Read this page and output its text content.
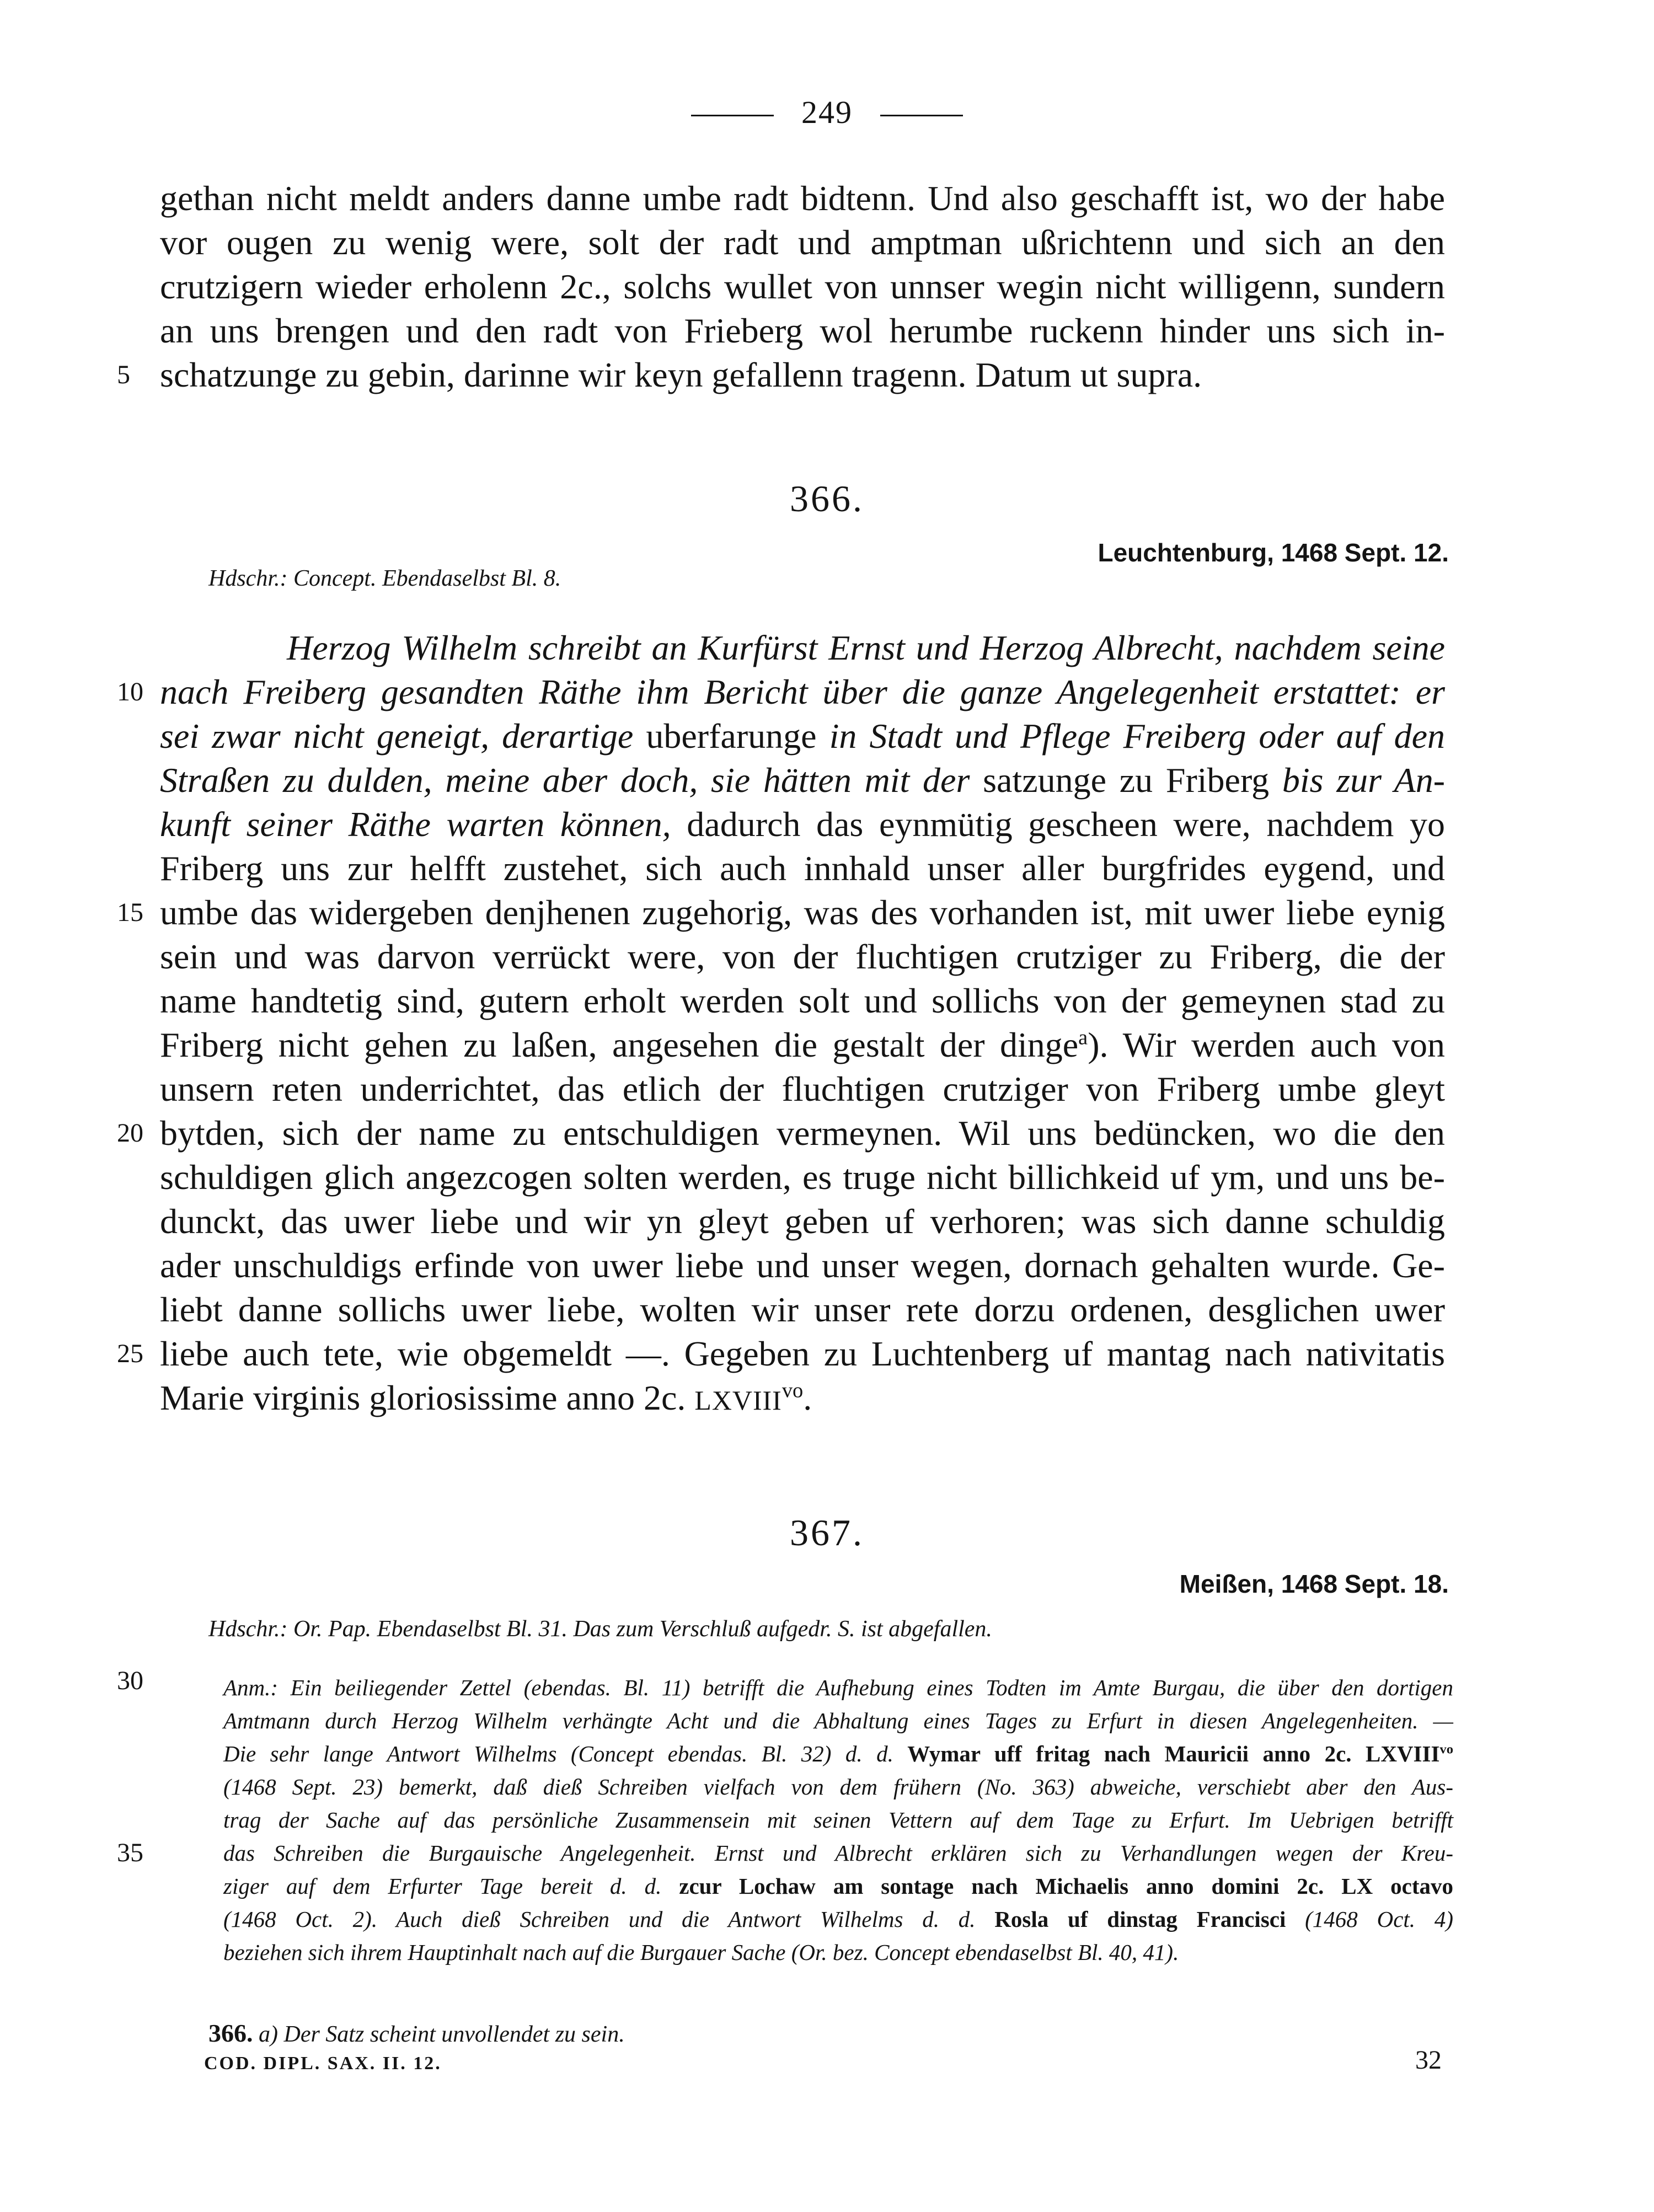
249
gethan nicht meldt anders danne umbe radt bidtenn. Und also geschafft ist, wo der habe
vor ougen zu wenig were, solt der radt und amptman ußrichtenn und sich an den
crutzigern wieder erholenn 2c., solchs wullet von unnser wegin nicht willigenn, sundern
an uns brengen und den radt von Frieberg wol herumbe ruckenn hinder uns sich in-
5 schatzunge zu gebin, darinne wir keyn gefallenn tragenn. Datum ut supra.
366.
Leuchtenburg, 1468 Sept. 12.
Hdschr.: Concept. Ebendaselbst Bl. 8.
Herzog Wilhelm schreibt an Kurfürst Ernst und Herzog Albrecht, nachdem seine
10 nach Freiberg gesandten Räthe ihm Bericht über die ganze Angelegenheit erstattet: er
sei zwar nicht geneigt, derartige uberfarunge in Stadt und Pflege Freiberg oder auf den
Straßen zu dulden, meine aber doch, sie hätten mit der satzunge zu Friberg bis zur An-
kunft seiner Räthe warten können, dadurch das eynmütig gescheen were, nachdem yo
Friberg uns zur helfft zustehet, sich auch innhald unser aller burgfrides eygend, und
15 umbe das widergeben denjhenen zugehorig, was des vorhanden ist, mit uwer liebe eynig
sein und was darvon verrückt were, von der fluchtigen crutziger zu Friberg, die der
name handtetig sind, gutern erholt werden solt und sollichs von der gemeynen stad zu
Friberg nicht gehen zu laßen, angesehen die gestalt der dinge$^a$). Wir werden auch von
unsern reten underrichtet, das etlich der fluchtigen crutziger von Friberg umbe gleyt
20 bytden, sich der name zu entschuldigen vermeynen. Wil uns bedüncken, wo die den
schuldigen glich angezcogen solten werden, es truge nicht billichkeid uf ym, und uns be-
dunckt, das uwer liebe und wir yn gleyt geben uf verhoren; was sich danne schuldig
ader unschuldigs erfinde von uwer liebe und unser wegen, dornach gehalten wurde. Ge-
liebt danne sollichs uwer liebe, wolten wir unser rete dorzu ordenen, desglichen uwer
25 liebe auch tete, wie obgemeldt —. Gegeben zu Luchtenberg uf mantag nach nativitatis
Marie virginis gloriosissime anno 2c. $LXVIII^{vo}$.
367.
Meißen, 1468 Sept. 18.
Hdschr.: Or. Pap. Ebendaselbst Bl. 31. Das zum Verschluß aufgedr. S. ist abgefallen.
30	Anm.: Ein beiliegender Zettel (ebendas. Bl. 11) betrifft die Aufhebung eines Todten im Amte Burgau, die über den dortigen
Amtmann durch Herzog Wilhelm verhängte Acht und die Abhaltung eines Tages zu Erfurt in diesen Angelegenheiten. —
Die sehr lange Antwort Wilhelms (Concept ebendas. Bl. 32) d. d. Wymar uff fritag nach Mauricii anno 2c. $LXVIII^{vo}$
(1468 Sept. 23) bemerkt, daß dieß Schreiben vielfach von dem frühern (No. 363) abweiche, verschiebt aber den Aus-
trag der Sache auf das persönliche Zusammensein mit seinen Vettern auf dem Tage zu Erfurt. Im Uebrigen betrifft
35	das Schreiben die Burgauische Angelegenheit. Ernst und Albrecht erklären sich zu Verhandlungen wegen der Kreu-
ziger auf dem Erfurter Tage bereit d. d. zcur Lochaw am sontage nach Michaelis anno domini 2c. LX octavo
(1468 Oct. 2). Auch dieß Schreiben und die Antwort Wilhelms d. d. Rosla uf dinstag Francisci (1468 Oct. 4)
beziehen sich ihrem Hauptinhalt nach auf die Burgauer Sache (Or. bez. Concept ebendaselbst Bl. 40, 41).
366. a) Der Satz scheint unvollendet zu sein.
COD. DIPL. SAX. II. 12.	32
